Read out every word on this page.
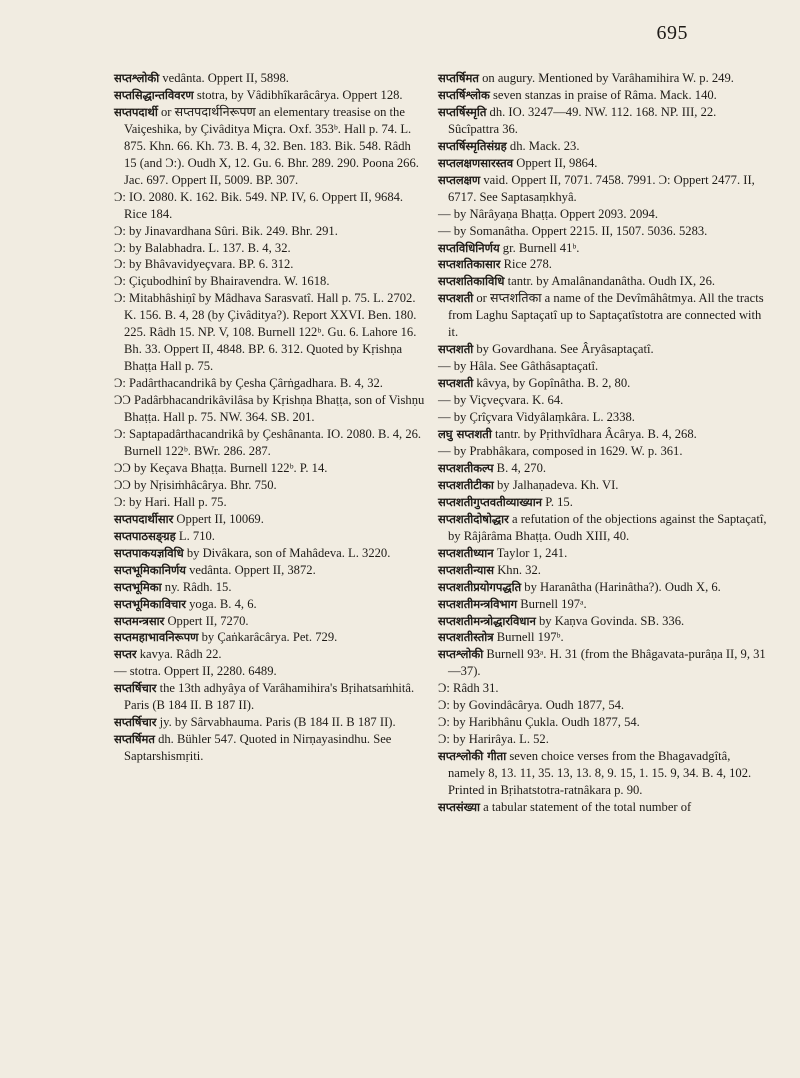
695

सप्तश्लोकी vedânta. Oppert II, 5898.

सप्तसिद्धान्तविवरण stotra, by Vâdibhîkarâcârya. Oppert 128.

सप्तपदार्थी or सप्तपदार्थनिरूपण an elementary treasise on the Vaiçeshika, by Çivâditya Miçra. Oxf. 353ᵇ. Hall p. 74. L. 875. Khn. 66. Kh. 73. B. 4, 32. Ben. 183. Bik. 548. Râdh 15 (and Ɔ:). Oudh X, 12. Gu. 6. Bhr. 289. 290. Poona 266. Jac. 697. Oppert II, 5009. BP. 307.

Ɔ: IO. 2080. K. 162. Bik. 549. NP. IV, 6. Oppert II, 9684. Rice 184.

Ɔ: by Jinavardhana Sûri. Bik. 249. Bhr. 291.

Ɔ: by Balabhadra. L. 137. B. 4, 32.

Ɔ: by Bhâvavidyeçvara. BP. 6. 312.

Ɔ: Çiçubodhinî by Bhairavendra. W. 1618.

Ɔ: Mitabhâshiṇî by Mâdhava Sarasvatî. Hall p. 75. L. 2702. K. 156. B. 4, 28 (by Çivâditya?). Report XXVI. Ben. 180. 225. Râdh 15. NP. V, 108. Burnell 122ᵇ. Gu. 6. Lahore 16. Bh. 33. Oppert II, 4848. BP. 6. 312. Quoted by Kṛishṇa Bhaṭṭa Hall p. 75.

Ɔ: Padârthacandrikâ by Çesha Çârṅgadhara. B. 4, 32.

ƆƆ Padârbhacandrikâvilâsa by Kṛishṇa Bhaṭṭa, son of Vishṇu Bhaṭṭa. Hall p. 75. NW. 364. SB. 201.

Ɔ: Saptapadârthacandrikâ by Çeshânanta. IO. 2080. B. 4, 26. Burnell 122ᵇ. BWr. 286. 287.

ƆƆ by Keçava Bhaṭṭa. Burnell 122ᵇ. P. 14.

ƆƆ by Nṛisiṁhâcârya. Bhr. 750.

Ɔ: by Hari. Hall p. 75.

सप्तपदार्थीसार Oppert II, 10069.

सप्तपाठसङ्ग्रह L. 710.

सप्तपाकयज्ञविधि by Divâkara, son of Mahâdeva. L. 3220.

सप्तभूमिकानिर्णय vedânta. Oppert II, 3872.

सप्तभूमिका ny. Râdh. 15.

सप्तभूमिकाविचार yoga. B. 4, 6.

सप्तमन्त्रसार Oppert II, 7270.

सप्तमहाभावनिरूपण by Çaṅkarâcârya. Pet. 729.

सप्तर kavya. Râdh 22.

— stotra. Oppert II, 2280. 6489.

सप्तर्षिचार the 13th adhyâya of Varâhamihira's Bṛihatsaṁhitâ. Paris (B 184 II. B 187 II).

सप्तर्षिचार jy. by Sârvabhauma. Paris (B 184 II. B 187 II).

सप्तर्षिमत dh. Bühler 547. Quoted in Nirṇayasindhu. See Saptarshismṛiti.

सप्तर्षिमत on augury. Mentioned by Varâhamihira W. p. 249.

सप्तर्षिश्लोक seven stanzas in praise of Râma. Mack. 140.

सप्तर्षिस्मृति dh. IO. 3247—49. NW. 112. 168. NP. III, 22. Sûcîpattra 36.

सप्तर्षिस्मृतिसंग्रह dh. Mack. 23.

सप्तलक्षणसारस्तव Oppert II, 9864.

सप्तलक्षण vaid. Oppert II, 7071. 7458. 7991. Ɔ: Oppert 2477. II, 6717. See Saptasaṃkhyâ.

— by Nârâyaṇa Bhaṭṭa. Oppert 2093. 2094.

— by Somanâtha. Oppert 2215. II, 1507. 5036. 5283.

सप्तविधिनिर्णय gr. Burnell 41ᵇ.

सप्तशतिकासार Rice 278.

सप्तशतिकाविधि tantr. by Amalânandanâtha. Oudh IX, 26.

सप्तशती or सप्तशतिका a name of the Devîmâhâtmya. All the tracts from Laghu Saptaçatî up to Saptaçatîstotra are connected with it.

सप्तशती by Govardhana. See Âryâsaptaçatî.

— by Hâla. See Gâthâsaptaçatî.

सप्तशती kâvya, by Gopînâtha. B. 2, 80.

— by Viçveçvara. K. 64.

— by Çrîçvara Vidyâlaṃkâra. L. 2338.

लघु सप्तशती tantr. by Pṛithvîdhara Âcârya. B. 4, 268.

— by Prabhâkara, composed in 1629. W. p. 361.

सप्तशतीकल्प B. 4, 270.

सप्तशतीटीका by Jalhaṇadeva. Kh. VI.

सप्तशतीगुप्तवतीव्याख्यान P. 15.

सप्तशतीदोषोद्धार a refutation of the objections against the Saptaçatî, by Râjârâma Bhaṭṭa. Oudh XIII, 40.

सप्तशतीध्यान Taylor 1, 241.

सप्तशतीन्यास Khn. 32.

सप्तशतीप्रयोगपद्धति by Haranâtha (Harinâtha?). Oudh X, 6.

सप्तशतीमन्त्रविभाग Burnell 197ᵃ.

सप्तशतीमन्त्रोद्धारविधान by Kaṇva Govinda. SB. 336.

सप्तशतीस्तोत्र Burnell 197ᵇ.

सप्तश्लोकी Burnell 93ᵃ. H. 31 (from the Bhâgavata-purâṇa II, 9, 31—37).

Ɔ: Râdh 31.

Ɔ: by Govindâcârya. Oudh 1877, 54.

Ɔ: by Haribhânu Çukla. Oudh 1877, 54.

Ɔ: by Harirâya. L. 52.

सप्तश्लोकी गीता seven choice verses from the Bhagavadgîtâ, namely 8, 13. 11, 35. 13, 13. 8, 9. 15, 1. 15. 9, 34. B. 4, 102. Printed in Bṛihatstotra-ratnâkara p. 90.

सप्तसंख्या a tabular statement of the total number of
